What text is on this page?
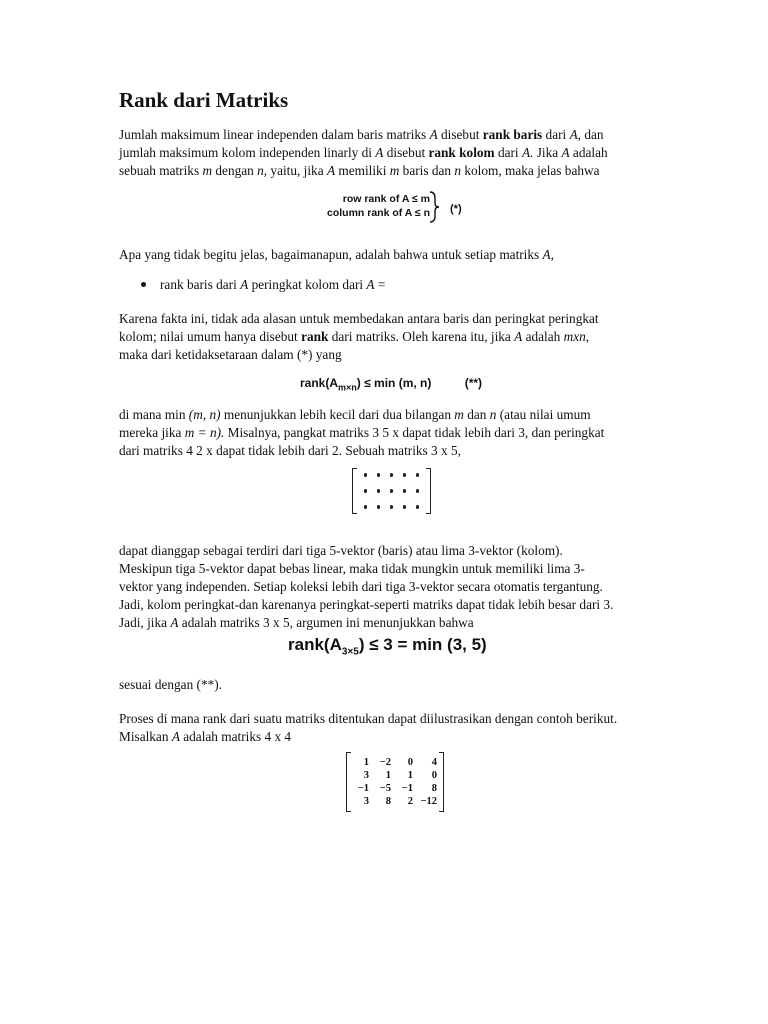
Rank dari Matriks
Jumlah maksimum linear independen dalam baris matriks A disebut rank baris dari A, dan
jumlah maksimum kolom independen linarly di A disebut rank kolom dari A. Jika A adalah
sebuah matriks m dengan n, yaitu, jika A memiliki m baris dan n kolom, maka jelas bahwa
row rank of A ≤ m
column rank of A ≤ n (*)
Apa yang tidak begitu jelas, bagaimanapun, adalah bahwa untuk setiap matriks A,
rank baris dari A peringkat kolom dari A =
Karena fakta ini, tidak ada alasan untuk membedakan antara baris dan peringkat peringkat
kolom; nilai umum hanya disebut rank dari matriks. Oleh karena itu, jika A adalah mxn,
maka dari ketidaksetaraan dalam (*) yang
$rank(A_{m\times n}) \le \min (m$, n)	(**)
di mana min (m, n) menunjukkan lebih kecil dari dua bilangan m dan n (atau nilai umum
mereka jika m = n). Misalnya, pangkat matriks 3 5 x dapat tidak lebih dari 3, dan peringkat
dari matriks 4 2 x dapat tidak lebih dari 2. Sebuah matriks 3 x 5,
dapat dianggap sebagai terdiri dari tiga 5-vektor (baris) atau lima 3-vektor (kolom).
Meskipun tiga 5-vektor dapat bebas linear, maka tidak mungkin untuk memiliki lima 3-
vektor yang independen. Setiap koleksi lebih dari tiga 3-vektor secara otomatis tergantung.
Jadi, kolom peringkat-dan karenanya peringkat-seperti matriks dapat tidak lebih besar dari 3.
Jadi, jika A adalah matriks 3 x 5, argumen ini menunjukkan bahwa
$rank(A_{3\times 5}) \le 3 = \min (3$, 5)
sesuai dengan (**).
Proses di mana rank dari suatu matriks ditentukan dapat diilustrasikan dengan contoh berikut.
Misalkan A adalah matriks 4 x 4
1	−2	0	4
3	1	1	0
−1	−5	−1	8
3	8	2 −12
